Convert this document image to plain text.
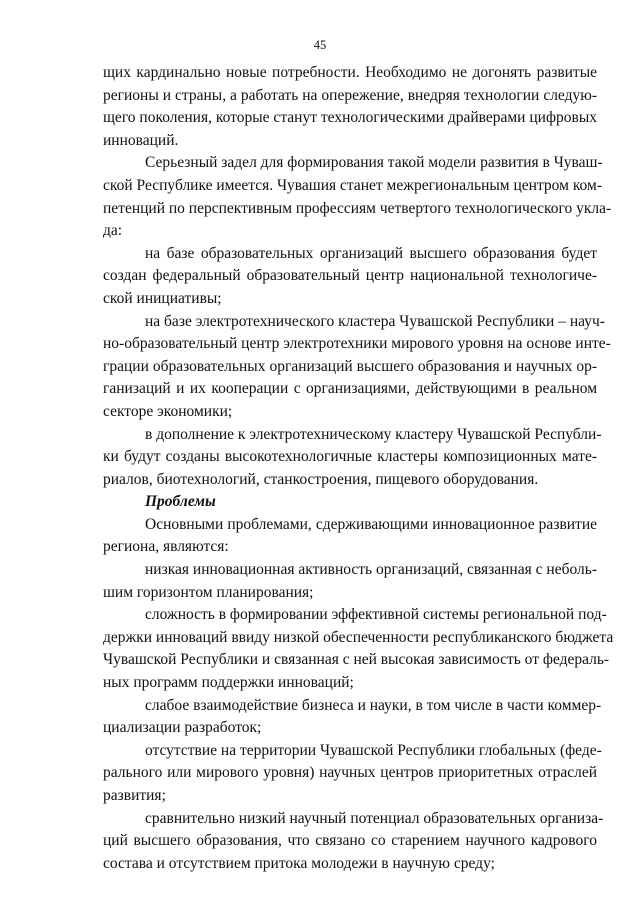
45
щих кардинально новые потребности. Необходимо не догонять развитые
регионы и страны, а работать на опережение, внедряя технологии следую-
щего поколения, которые станут технологическими драйверами цифровых
инноваций.
Серьезный задел для формирования такой модели развития в Чуваш-
ской Республике имеется. Чувашия станет межрегиональным центром ком-
петенций по перспективным профессиям четвертого технологического укла-
да:
на базе образовательных организаций высшего образования будет
создан федеральный образовательный центр национальной технологиче-
ской инициативы;
на базе электротехнического кластера Чувашской Республики – науч-
но-образовательный центр электротехники мирового уровня на основе инте-
грации образовательных организаций высшего образования и научных ор-
ганизаций и их кооперации с организациями, действующими в реальном
секторе экономики;
в дополнение к электротехническому кластеру Чувашской Республи-
ки будут созданы высокотехнологичные кластеры композиционных мате-
риалов, биотехнологий, станкостроения, пищевого оборудования.
Проблемы
Основными проблемами, сдерживающими инновационное развитие
региона, являются:
низкая инновационная активность организаций, связанная с неболь-
шим горизонтом планирования;
сложность в формировании эффективной системы региональной под-
держки инноваций ввиду низкой обеспеченности республиканского бюджета
Чувашской Республики и связанная с ней высокая зависимость от федераль-
ных программ поддержки инноваций;
слабое взаимодействие бизнеса и науки, в том числе в части коммер-
циализации разработок;
отсутствие на территории Чувашской Республики глобальных (феде-
рального или мирового уровня) научных центров приоритетных отраслей
развития;
сравнительно низкий научный потенциал образовательных организа-
ций высшего образования, что связано со старением научного кадрового
состава и отсутствием притока молодежи в научную среду;
